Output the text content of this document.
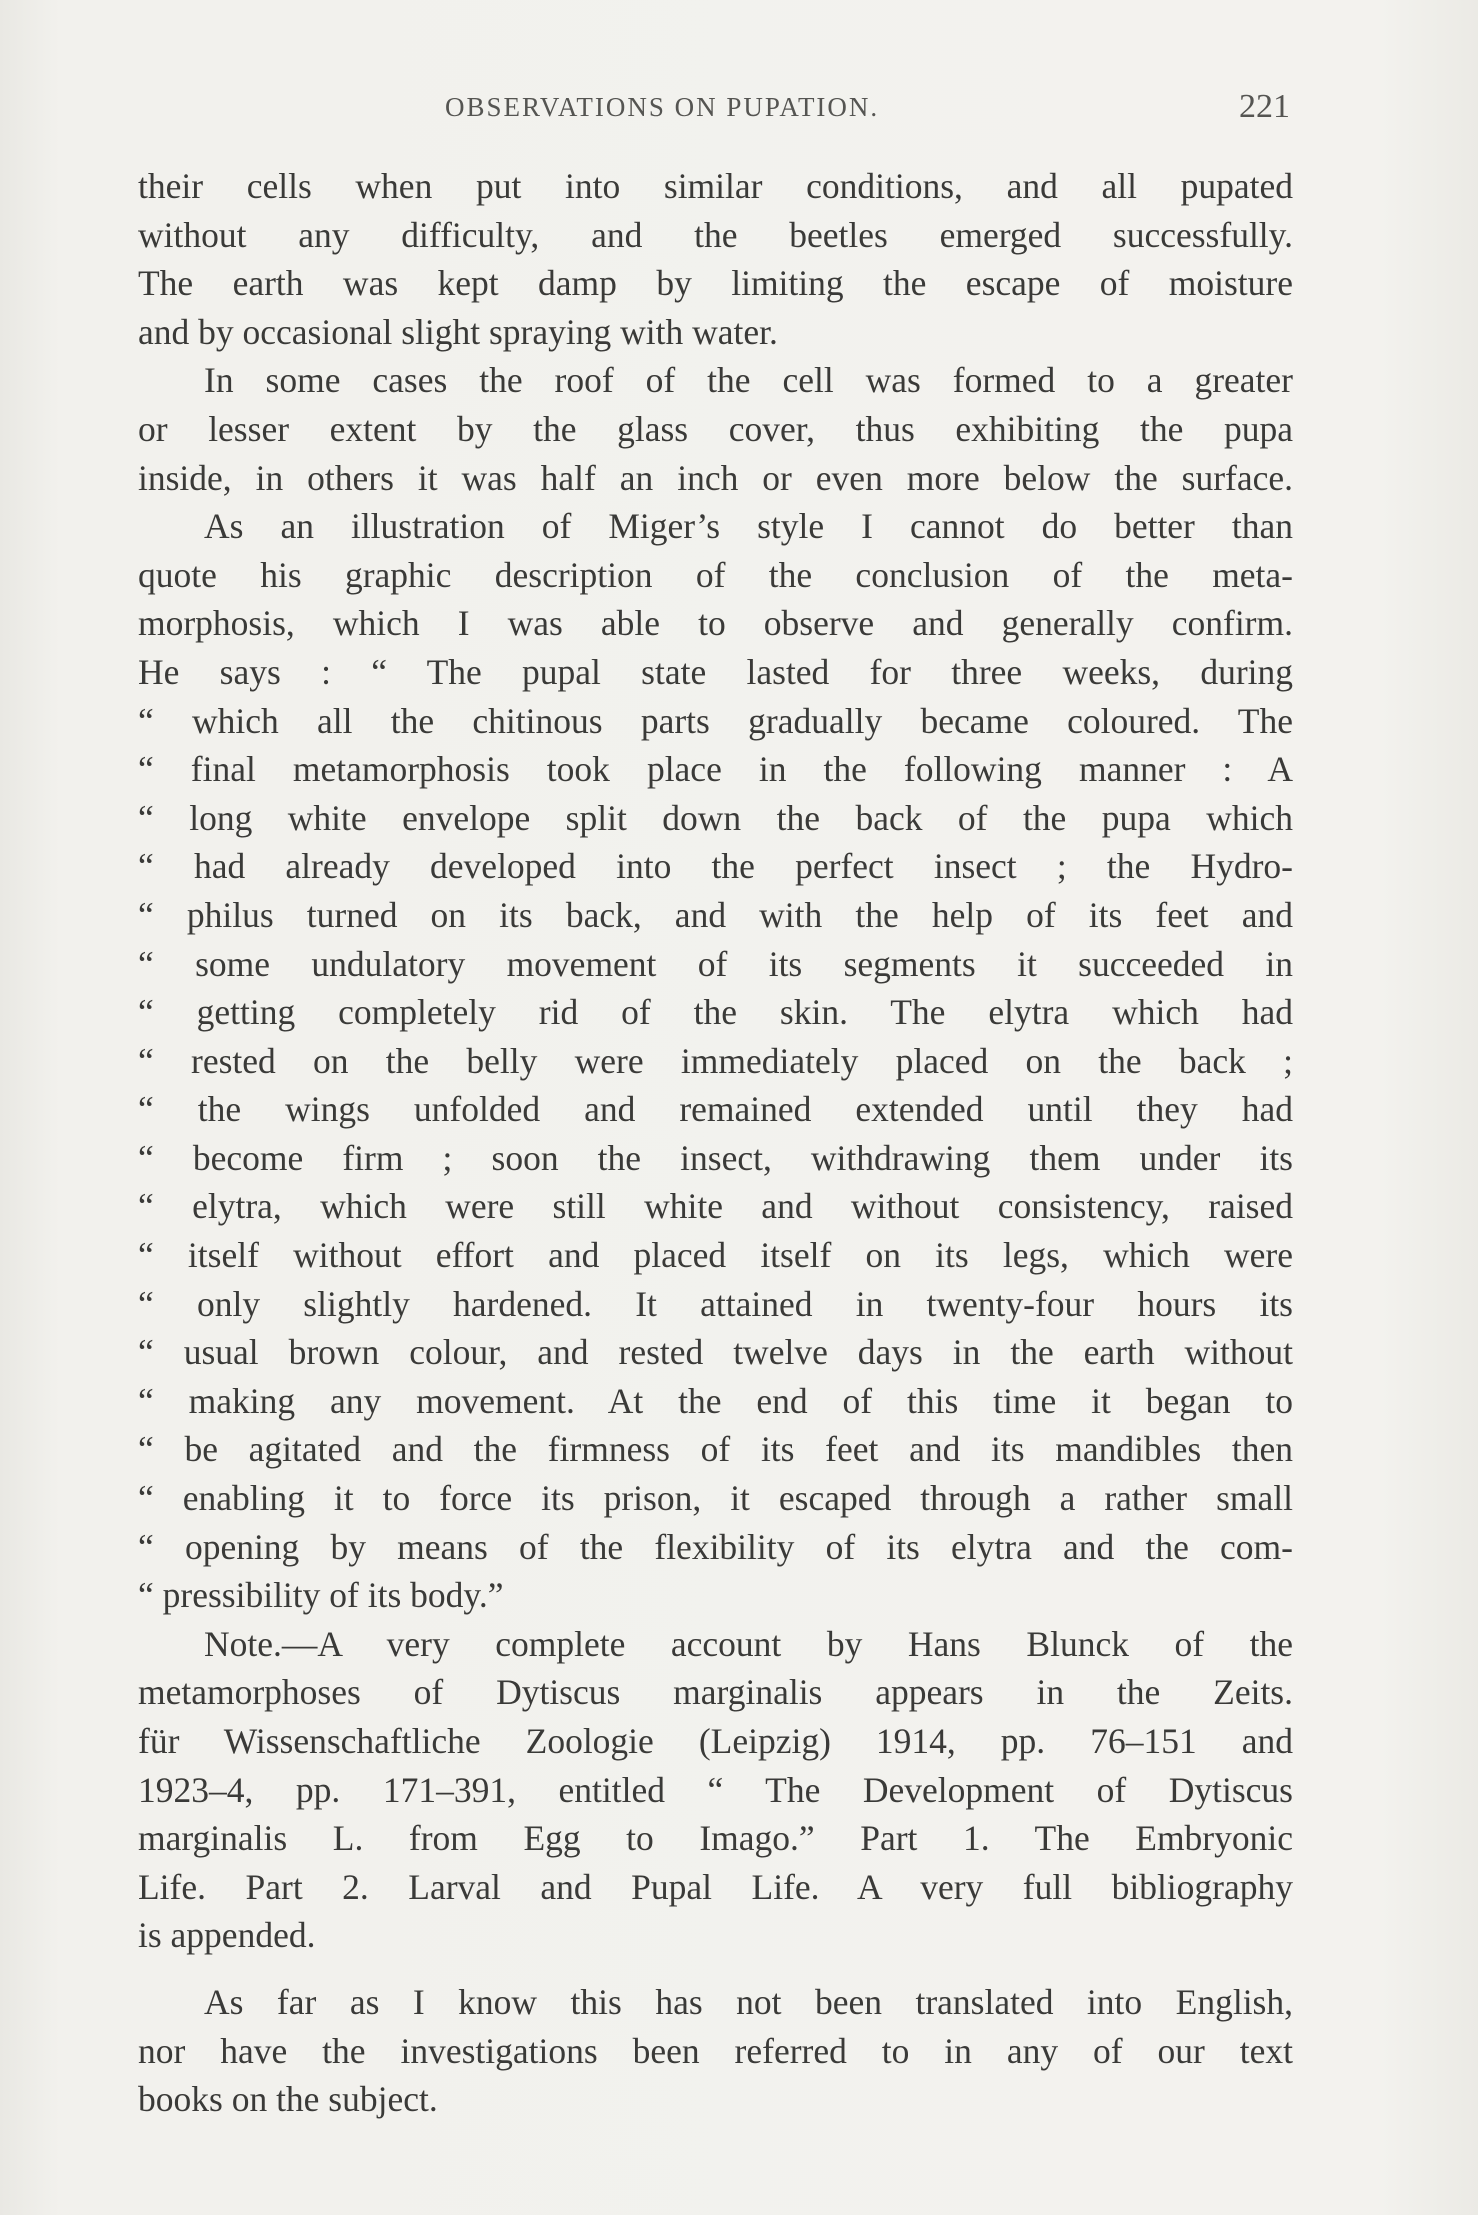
OBSERVATIONS ON PUPATION.	221
their cells when put into similar conditions, and all pupated
without any difficulty, and the beetles emerged successfully.
The earth was kept damp by limiting the escape of moisture
and by occasional slight spraying with water.
In some cases the roof of the cell was formed to a greater
or lesser extent by the glass cover, thus exhibiting the pupa
inside, in others it was half an inch or even more below the surface.
As an illustration of Miger’s style I cannot do better than
quote his graphic description of the conclusion of the meta-
morphosis, which I was able to observe and generally confirm.
He says : “ The pupal state lasted for three weeks, during
“ which all the chitinous parts gradually became coloured. The
“ final metamorphosis took place in the following manner : A
“ long white envelope split down the back of the pupa which
“ had already developed into the perfect insect ; the Hydro-
“ philus turned on its back, and with the help of its feet and
“ some undulatory movement of its segments it succeeded in
“ getting completely rid of the skin. The elytra which had
“ rested on the belly were immediately placed on the back ;
“ the wings unfolded and remained extended until they had
“ become firm ; soon the insect, withdrawing them under its
“ elytra, which were still white and without consistency, raised
“ itself without effort and placed itself on its legs, which were
“ only slightly hardened. It attained in twenty-four hours its
“ usual brown colour, and rested twelve days in the earth without
“ making any movement. At the end of this time it began to
“ be agitated and the firmness of its feet and its mandibles then
“ enabling it to force its prison, it escaped through a rather small
“ opening by means of the flexibility of its elytra and the com-
“ pressibility of its body.”
Note.—A very complete account by Hans Blunck of the
metamorphoses of Dytiscus marginalis appears in the Zeits.
für Wissenschaftliche Zoologie (Leipzig) 1914, pp. 76–151 and
1923–4, pp. 171–391, entitled “ The Development of Dytiscus
marginalis L. from Egg to Imago.” Part 1. The Embryonic
Life. Part 2. Larval and Pupal Life. A very full bibliography
is appended.
As far as I know this has not been translated into English,
nor have the investigations been referred to in any of our text
books on the subject.
